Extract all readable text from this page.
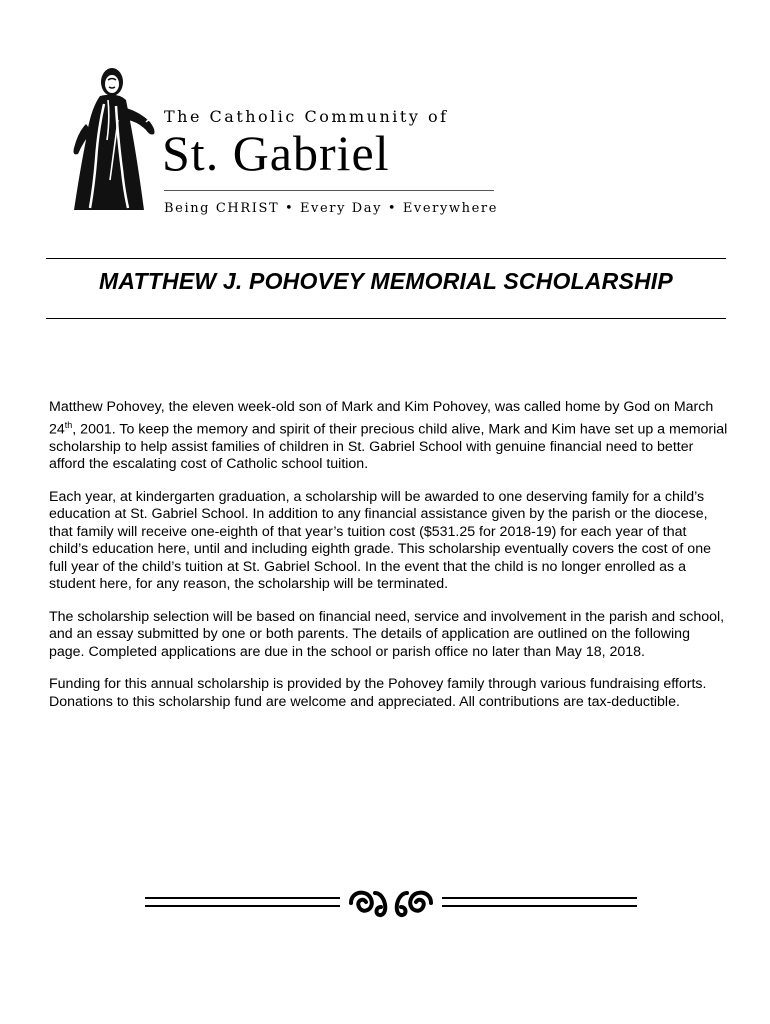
The Catholic Community of
St. Gabriel
Being CHRIST • Every Day • Everywhere
MATTHEW J. POHOVEY MEMORIAL SCHOLARSHIP

Matthew Pohovey, the eleven week-old son of Mark and Kim Pohovey, was called home by God on March 24th, 2001. To keep the memory and spirit of their precious child alive, Mark and Kim have set up a memorial scholarship to help assist families of children in St. Gabriel School with genuine financial need to better afford the escalating cost of Catholic school tuition.

Each year, at kindergarten graduation, a scholarship will be awarded to one deserving family for a child’s education at St. Gabriel School. In addition to any financial assistance given by the parish or the diocese, that family will receive one-eighth of that year’s tuition cost ($531.25 for 2018-19) for each year of that child’s education here, until and including eighth grade. This scholarship eventually covers the cost of one full year of the child’s tuition at St. Gabriel School. In the event that the child is no longer enrolled as a student here, for any reason, the scholarship will be terminated.

The scholarship selection will be based on financial need, service and involvement in the parish and school, and an essay submitted by one or both parents. The details of application are outlined on the following page. Completed applications are due in the school or parish office no later than May 18, 2018.

Funding for this annual scholarship is provided by the Pohovey family through various fundraising efforts. Donations to this scholarship fund are welcome and appreciated. All contributions are tax-deductible.
